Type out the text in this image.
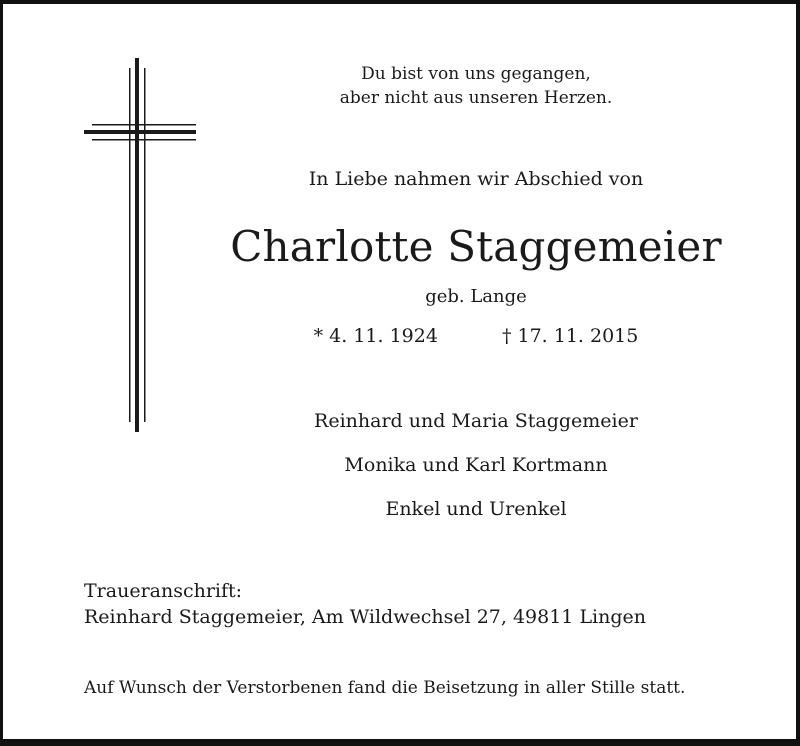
Du bist von uns gegangen,
aber nicht aus unseren Herzen.
In Liebe nahmen wir Abschied von
Charlotte Staggemeier
geb. Lange
* 4. 11. 1924	† 17. 11. 2015
Reinhard und Maria Staggemeier
Monika und Karl Kortmann
Enkel und Urenkel
Traueranschrift:
Reinhard Staggemeier, Am Wildwechsel 27, 49811 Lingen
Auf Wunsch der Verstorbenen fand die Beisetzung in aller Stille statt.
